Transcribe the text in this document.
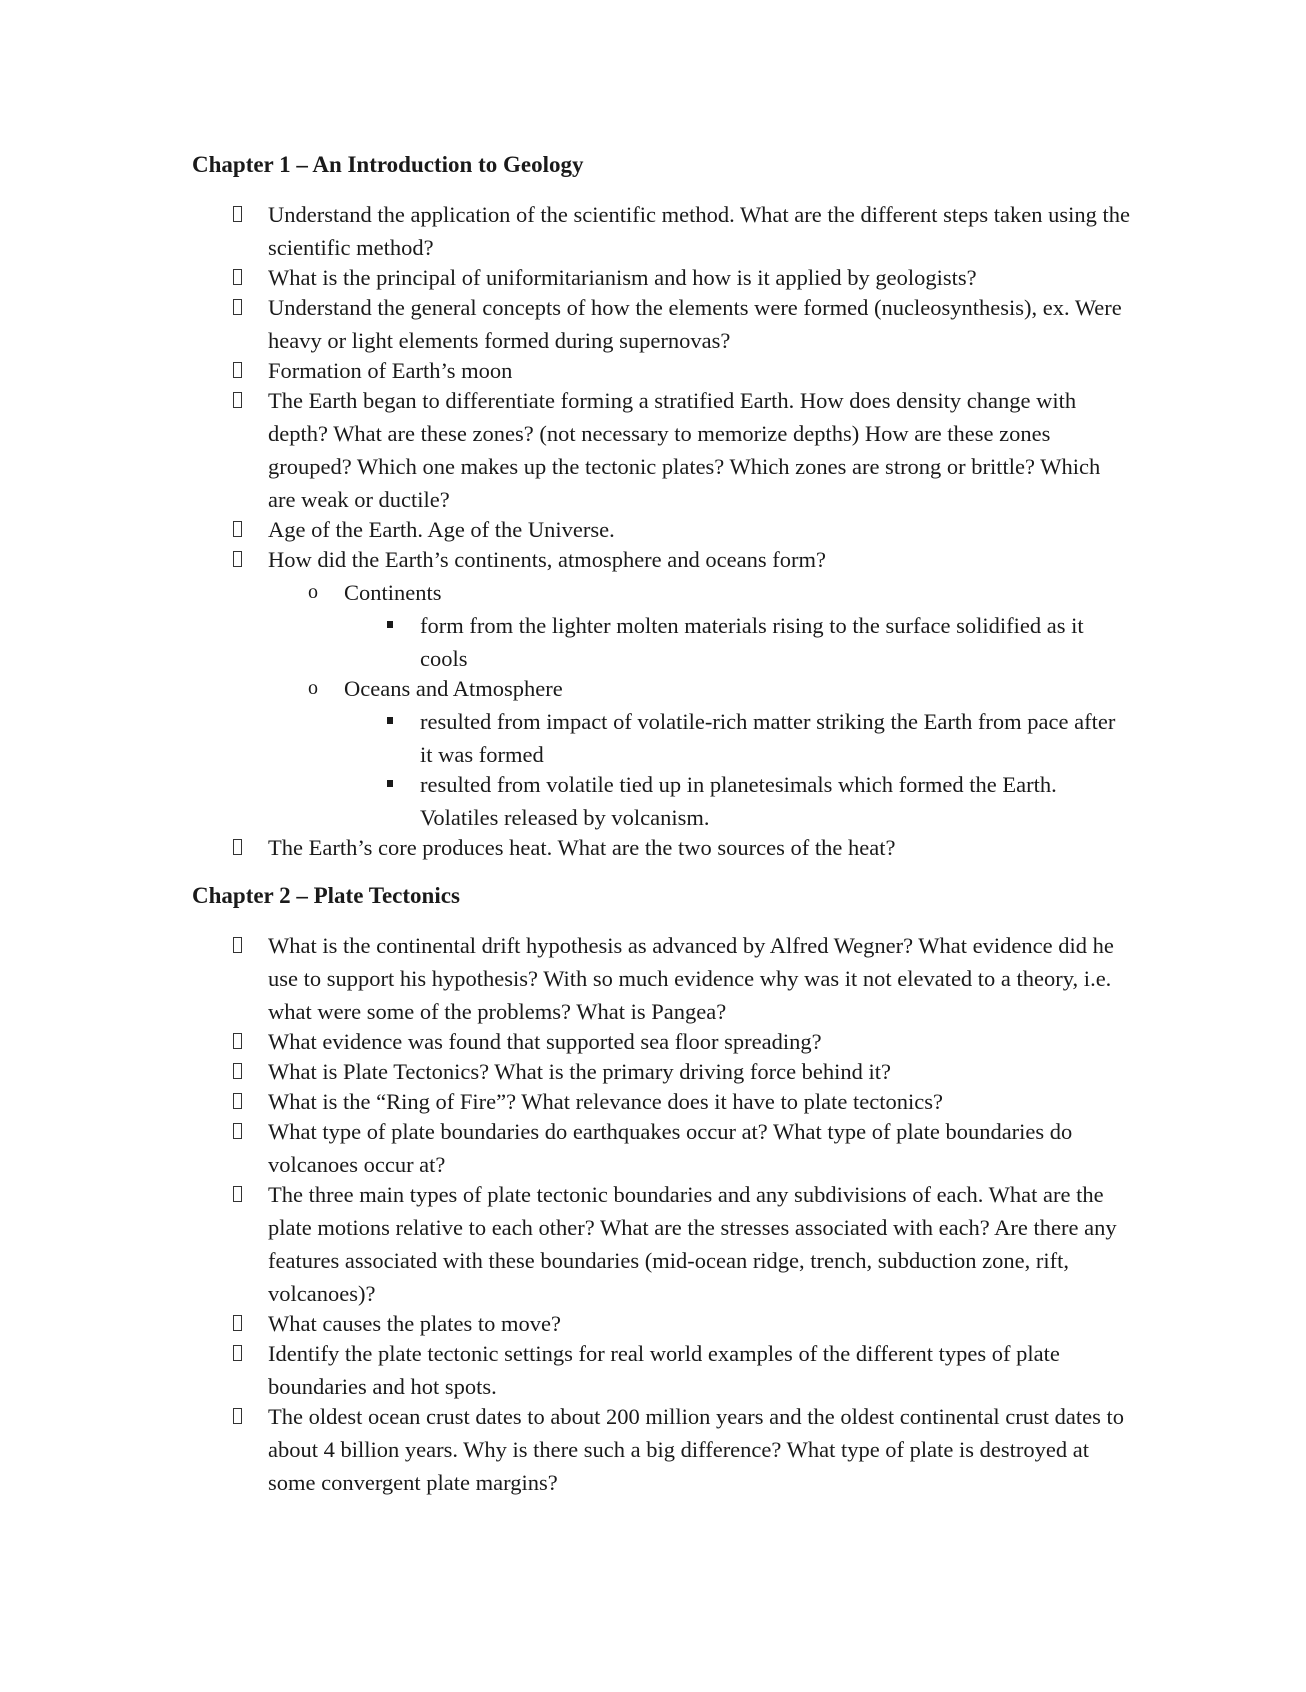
Chapter 1 – An Introduction to Geology
Understand the application of the scientific method. What are the different steps taken using the scientific method?
What is the principal of uniformitarianism and how is it applied by geologists?
Understand the general concepts of how the elements were formed (nucleosynthesis), ex. Were heavy or light elements formed during supernovas?
Formation of Earth’s moon
The Earth began to differentiate forming a stratified Earth. How does density change with depth? What are these zones? (not necessary to memorize depths) How are these zones grouped? Which one makes up the tectonic plates? Which zones are strong or brittle? Which are weak or ductile?
Age of the Earth. Age of the Universe.
How did the Earth’s continents, atmosphere and oceans form?
o Continents
form from the lighter molten materials rising to the surface solidified as it cools
o Oceans and Atmosphere
resulted from impact of volatile-rich matter striking the Earth from pace after it was formed
resulted from volatile tied up in planetesimals which formed the Earth. Volatiles released by volcanism.
The Earth’s core produces heat. What are the two sources of the heat?
Chapter 2 – Plate Tectonics
What is the continental drift hypothesis as advanced by Alfred Wegner? What evidence did he use to support his hypothesis? With so much evidence why was it not elevated to a theory, i.e. what were some of the problems? What is Pangea?
What evidence was found that supported sea floor spreading?
What is Plate Tectonics? What is the primary driving force behind it?
What is the “Ring of Fire”? What relevance does it have to plate tectonics?
What type of plate boundaries do earthquakes occur at? What type of plate boundaries do volcanoes occur at?
The three main types of plate tectonic boundaries and any subdivisions of each. What are the plate motions relative to each other? What are the stresses associated with each? Are there any features associated with these boundaries (mid-ocean ridge, trench, subduction zone, rift, volcanoes)?
What causes the plates to move?
Identify the plate tectonic settings for real world examples of the different types of plate boundaries and hot spots.
The oldest ocean crust dates to about 200 million years and the oldest continental crust dates to about 4 billion years. Why is there such a big difference? What type of plate is destroyed at some convergent plate margins?
